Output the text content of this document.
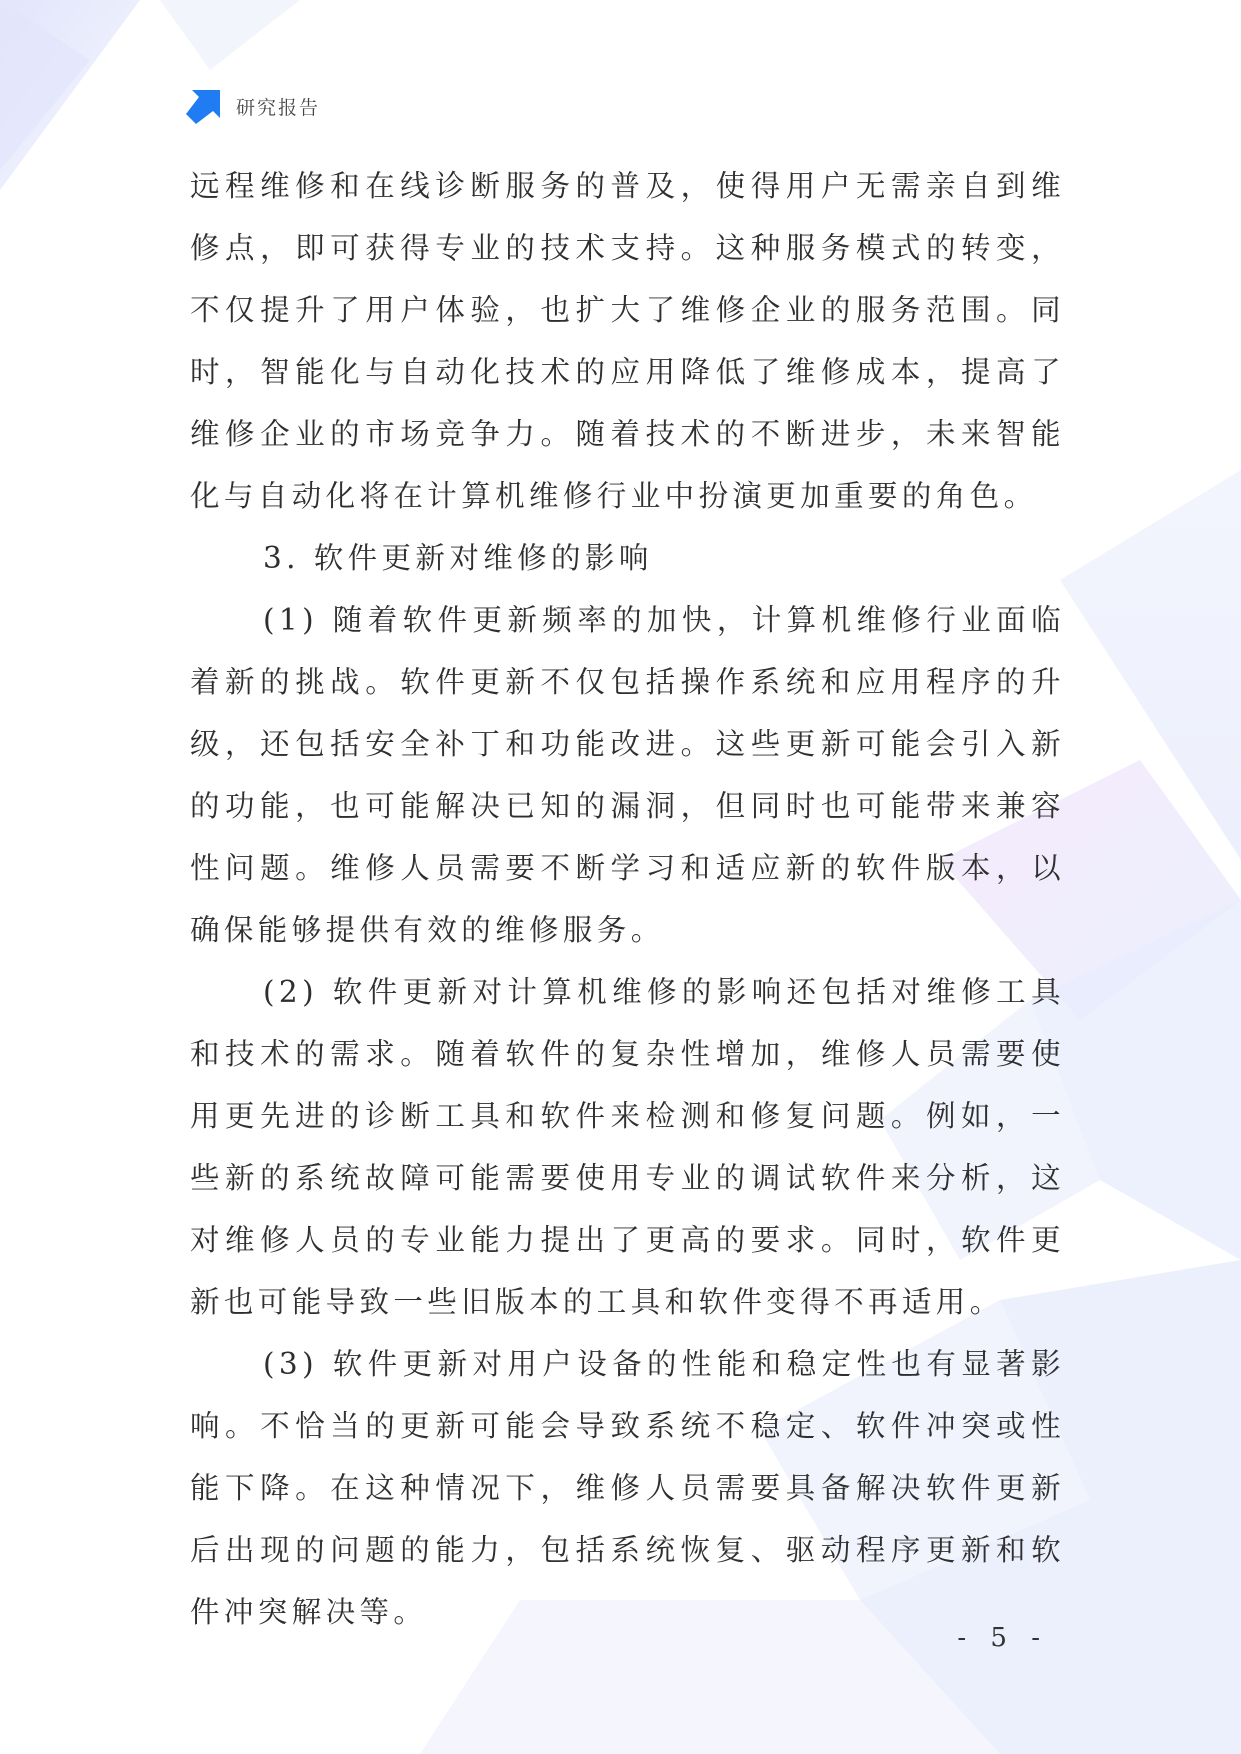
研究报告

远程维修和在线诊断服务的普及，使得用户无需亲自到维修点，即可获得专业的技术支持。这种服务模式的转变，不仅提升了用户体验，也扩大了维修企业的服务范围。同时，智能化与自动化技术的应用降低了维修成本，提高了维修企业的市场竞争力。随着技术的不断进步，未来智能化与自动化将在计算机维修行业中扮演更加重要的角色。

3. 软件更新对维修的影响

(1) 随着软件更新频率的加快，计算机维修行业面临着新的挑战。软件更新不仅包括操作系统和应用程序的升级，还包括安全补丁和功能改进。这些更新可能会引入新的功能，也可能解决已知的漏洞，但同时也可能带来兼容性问题。维修人员需要不断学习和适应新的软件版本，以确保能够提供有效的维修服务。

(2) 软件更新对计算机维修的影响还包括对维修工具和技术的需求。随着软件的复杂性增加，维修人员需要使用更先进的诊断工具和软件来检测和修复问题。例如，一些新的系统故障可能需要使用专业的调试软件来分析，这对维修人员的专业能力提出了更高的要求。同时，软件更新也可能导致一些旧版本的工具和软件变得不再适用。

(3) 软件更新对用户设备的性能和稳定性也有显著影响。不恰当的更新可能会导致系统不稳定、软件冲突或性能下降。在这种情况下，维修人员需要具备解决软件更新后出现的问题的能力，包括系统恢复、驱动程序更新和软件冲突解决等。

- 5 -
